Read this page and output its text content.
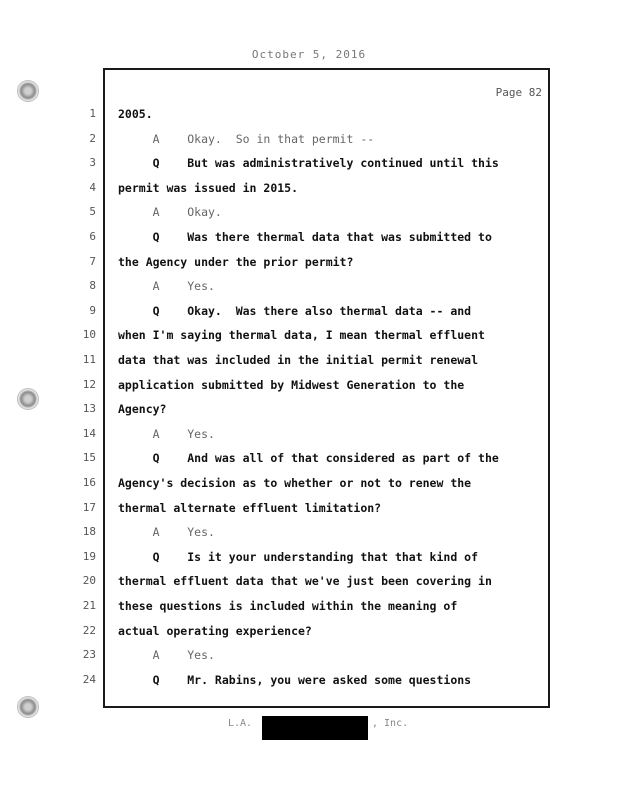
October 5, 2016
Page 82
1 2005.
2 A    Okay.  So in that permit --
3 Q    But was administratively continued until this
4 permit was issued in 2015.
5 A    Okay.
6 Q    Was there thermal data that was submitted to
7 the Agency under the prior permit?
8 A    Yes.
9 Q    Okay.  Was there also thermal data -- and
10 when I'm saying thermal data, I mean thermal effluent
11 data that was included in the initial permit renewal
12 application submitted by Midwest Generation to the
13 Agency?
14 A    Yes.
15 Q    And was all of that considered as part of the
16 Agency's decision as to whether or not to renew the
17 thermal alternate effluent limitation?
18 A    Yes.
19 Q    Is it your understanding that that kind of
20 thermal effluent data that we've just been covering in
21 these questions is included within the meaning of
22 actual operating experience?
23 A    Yes.
24 Q    Mr. Rabins, you were asked some questions
L.A.	, Inc.
